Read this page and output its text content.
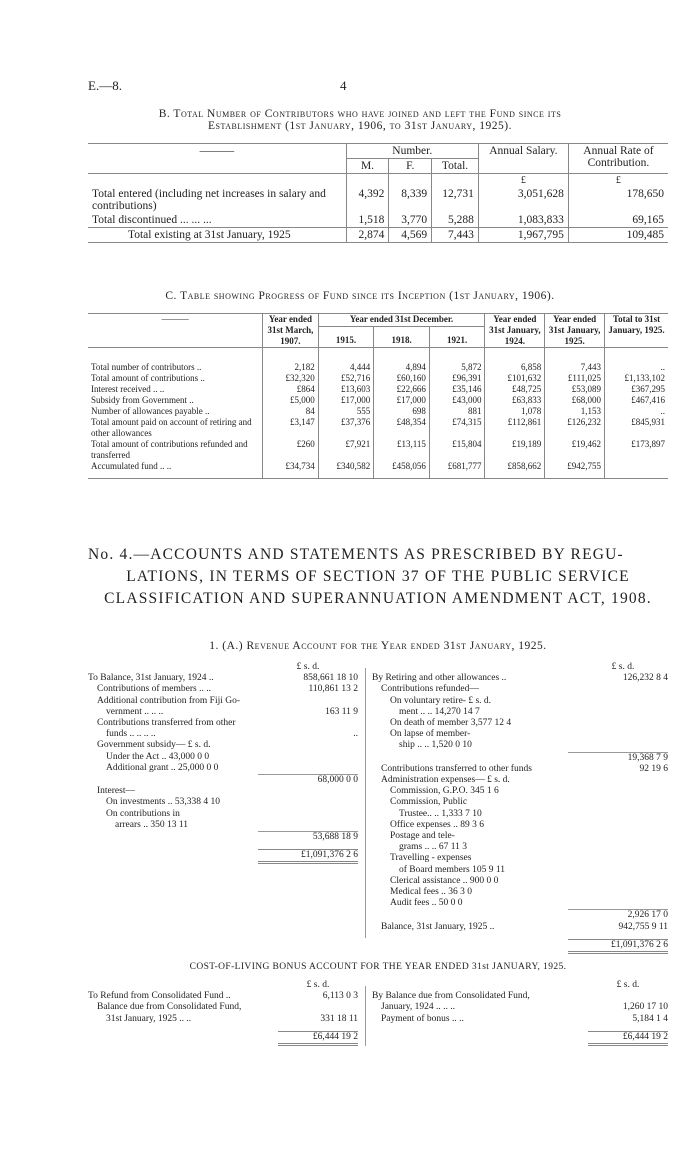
E.—8.	4
B. Total Number of Contributors who have joined and left the Fund since its
Establishment (1st January, 1906, to 31st January, 1925).
———	Number.			Annual Salary.	Annual Rate of Contribution.
	M.	F.	Total.		
				£	£
Total entered (including net increases in salary and contributions)	4,392	8,339	12,731	3,051,628	178,650
Total discontinued ... ... ...	1,518	3,770	5,288	1,083,833	69,165
Total existing at 31st January, 1925	2,874	4,569	7,443	1,967,795	109,485
C. Table showing Progress of Fund since its Inception (1st January, 1906).
———	Year ended 31st March, 1907.	Year ended 31st December.			Year ended 31st January, 1924.	Year ended 31st January, 1925.	Total to 31st January, 1925.
		1915.	1918.	1921.			

Total number of contributors ..	2,182	4,444	4,894	5,872	6,858	7,443	..
Total amount of contributions ..	£32,320	£52,716	£60,160	£96,391	£101,632	£111,025	£1,133,102
Interest received .. ..	£864	£13,603	£22,666	£35,146	£48,725	£53,089	£367,295
Subsidy from Government ..	£5,000	£17,000	£17,000	£43,000	£63,833	£68,000	£467,416
Number of allowances payable ..	84	555	698	881	1,078	1,153	..
Total amount paid on account of retiring and other allowances	£3,147	£37,376	£48,354	£74,315	£112,861	£126,232	£845,931
Total amount of contributions refunded and transferred	£260	£7,921	£13,115	£15,804	£19,189	£19,462	£173,897
Accumulated fund .. ..	£34,734	£340,582	£458,056	£681,777	£858,662	£942,755	

No. 4.—ACCOUNTS AND STATEMENTS AS PRESCRIBED BY REGU-
LATIONS, IN TERMS OF SECTION 37 OF THE PUBLIC SERVICE
CLASSIFICATION AND SUPERANNUATION AMENDMENT ACT, 1908.
1. (A.) Revenue Account for the Year ended 31st January, 1925.
£ s. d.
To Balance, 31st January, 1924 ..	858,661 18 10
Contributions of members .. ..	110,861 13 2
Additional contribution from Fiji Go-
vernment .. .. ..	163 11 9
Contributions transferred from other
funds .. .. .. ..	..
Government subsidy— £ s. d.
Under the Act .. 43,000 0 0
Additional grant .. 25,000 0 0
68,000 0 0
Interest—
On investments .. 53,338 4 10
On contributions in
arrears .. 350 13 11
53,688 18 9
£1,091,376 2 6
£ s. d.
By Retiring and other allowances ..	126,232 8 4
Contributions refunded—
On voluntary retire- £ s. d.
ment .. .. 14,270 14 7
On death of member 3,577 12 4
On lapse of member-
ship .. .. 1,520 0 10
19,368 7 9
Contributions transferred to other funds	92 19 6
Administration expenses— £ s. d.
Commission, G.P.O. 345 1 6
Commission, Public
Trustee.. .. 1,333 7 10
Office expenses .. 89 3 6
Postage and tele-
grams .. .. 67 11 3
Travelling - expenses
of Board members 105 9 11
Clerical assistance .. 900 0 0
Medical fees .. 36 3 0
Audit fees .. 50 0 0
2,926 17 0
Balance, 31st January, 1925 ..	942,755 9 11
£1,091,376 2 6
COST-OF-LIVING BONUS ACCOUNT FOR THE YEAR ENDED 31st JANUARY, 1925.
£ s. d.
To Refund from Consolidated Fund ..	6,113 0 3
Balance due from Consolidated Fund,
31st January, 1925 .. ..	331 18 11
£6,444 19 2
£ s. d.
By Balance due from Consolidated Fund,
January, 1924 .. .. ..	1,260 17 10
Payment of bonus .. ..	5,184 1 4
£6,444 19 2
